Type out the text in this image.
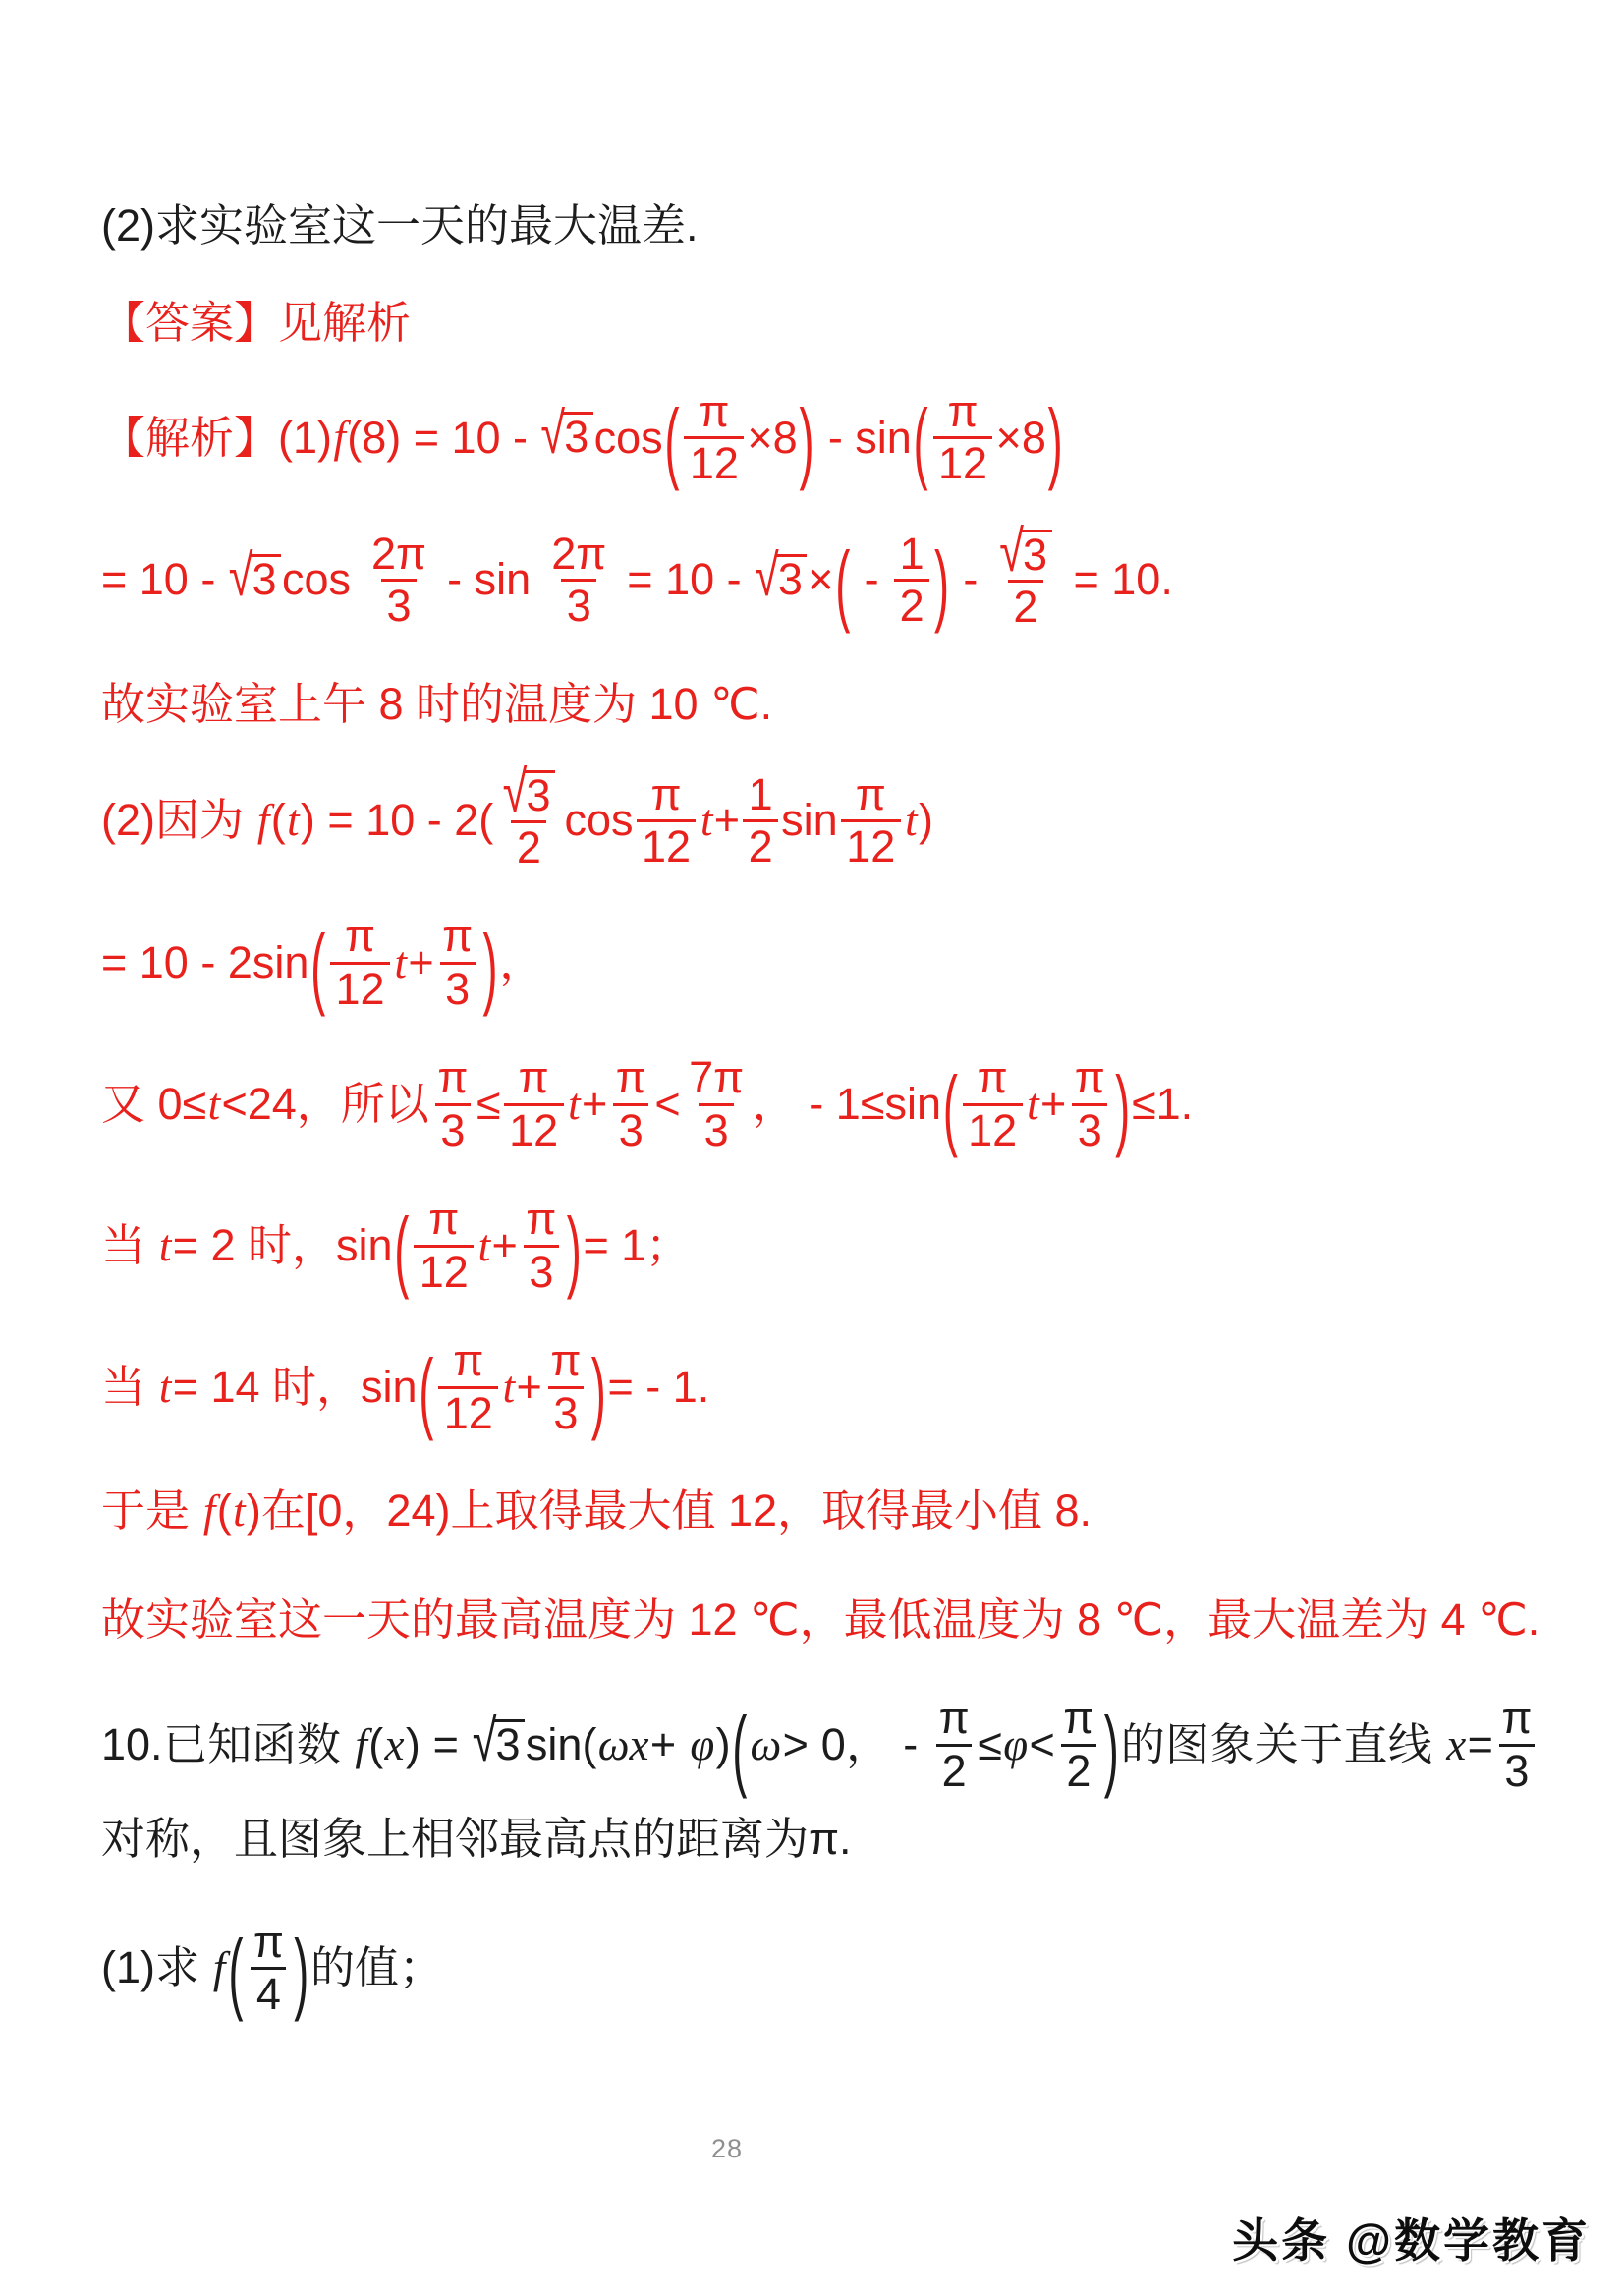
(2)求实验室这一天的最大温差.

【答案】见解析

【解析】(1)f(8) = 10 - √ 3 $\cos( \frac{\pi}{12} \times 8) - \sin( \frac{\pi}{12} \times 8)$

= 10 - √ 3 $\cos \frac{2\pi}{3} - \sin \frac{2\pi}{3} = 10$ - √ 3 ×( - $\frac{1}{2}$ ) - $\frac{√ 3}{2} = 10$.

故实验室上午 8 时的温度为 10 ℃.

(2)因为 $f(t) = 10 - 2( \frac{√ 3}{2}$ $\cos \frac{\pi}{12} t+ \frac{1}{2}$ $\sin \frac{\pi}{12} t$)

= $10 - 2\sin( \frac{\pi}{12} t+ \frac{\pi}{3}$ )，

又 0≤t<24，所以 $\frac{\pi}{3} \le \frac{\pi}{12} t+ \frac{\pi}{3} < \frac{7\pi}{3}$ ， - $1\le\sin( \frac{\pi}{12} t+ \frac{\pi}{3} )\le 1$.

当 t= 2 时，$\sin( \frac{\pi}{12} t+ \frac{\pi}{3}$ )= 1；

当 t= 14 时，$\sin( \frac{\pi}{12} t+ \frac{\pi}{3}$ )= - 1.

于是 f(t)在[0，24)上取得最大值 12，取得最小值 8.

故实验室这一天的最高温度为 12 ℃，最低温度为 8 ℃，最大温差为 4 ℃.

10.已知函数 f(x) = √ 3 sin(ωx+ φ)(ω> 0， - $\frac{\pi}{2} \le\varphi< \frac{\pi}{2}$ )的图象关于直线 $x= \frac{\pi}{3}$
对称，且图象上相邻最高点的距离为π.

(1)求 $f( \frac{\pi}{4}$ )的值；

28
头条 @数学教育
